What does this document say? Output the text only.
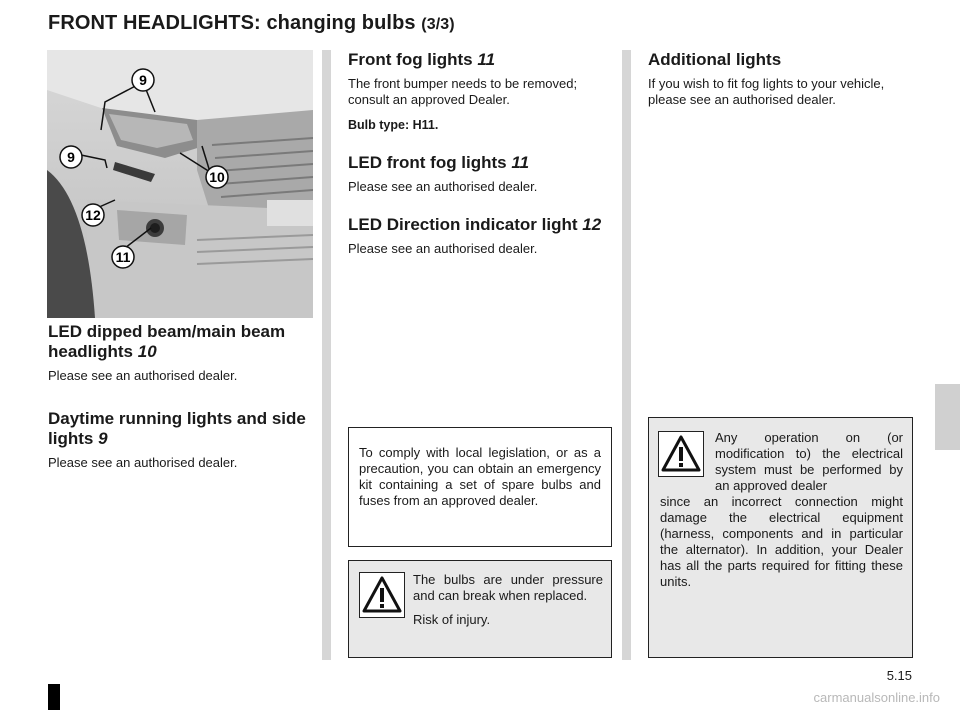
FRONT HEADLIGHTS: changing bulbs (3/3)
9
9
10
12
11
50914
LED dipped beam/main beam headlights 10

Please see an authorised dealer.

Daytime running lights and side lights 9

Please see an authorised dealer.

Front fog lights 11

The front bumper needs to be removed; consult an approved Dealer.

Bulb type: H11.

LED front fog lights 11

Please see an authorised dealer.

LED Direction indicator light 12

Please see an authorised dealer.

To comply with local legislation, or as a precaution, you can obtain an emergency kit containing a set of spare bulbs and fuses from an approved dealer.

The bulbs are under pressure and can break when replaced.

Risk of injury.

Additional lights

If you wish to fit fog lights to your vehicle, please see an authorised dealer.

Any operation on (or modification to) the electrical system must be performed by an approved dealer
since an incorrect connection might damage the electrical equipment (harness, components and in particular the alternator). In addition, your Dealer has all the parts required for fitting these units.
5.15
carmanualsonline.info
